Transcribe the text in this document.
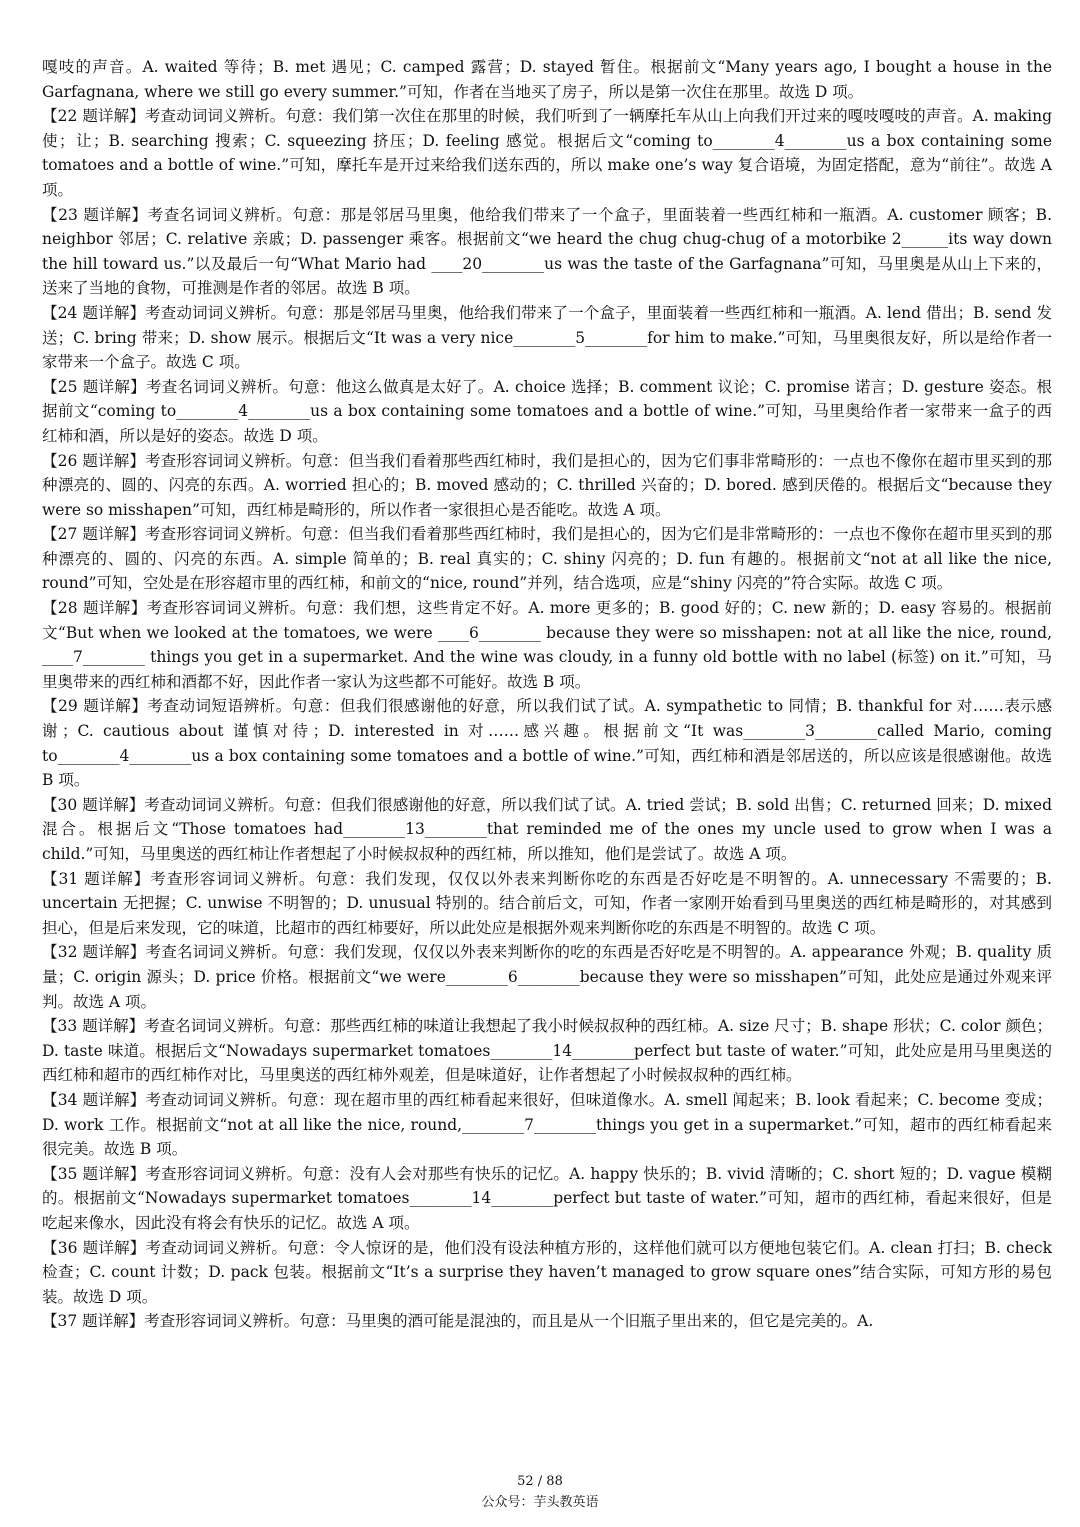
嘎吱的声音。A. waited 等待；B. met 遇见；C. camped 露营；D. stayed 暂住。根据前文“Many years ago, I bought a house in the Garfagnana, where we still go every summer.”可知，作者在当地买了房子，所以是第一次住在那里。故选 D 项。

【22 题详解】考查动词词义辨析。句意：我们第一次住在那里的时候，我们听到了一辆摩托车从山上向我们开过来的嘎吱嘎吱的声音。A. making 使；让；B. searching 搜索；C. squeezing 挤压；D. feeling 感觉。根据后文“coming to________4________us a box containing some tomatoes and a bottle of wine.”可知，摩托车是开过来给我们送东西的，所以 make one’s way 复合语境，为固定搭配，意为“前往”。故选 A 项。

【23 题详解】考查名词词义辨析。句意：那是邻居马里奥，他给我们带来了一个盒子，里面装着一些西红柿和一瓶酒。A. customer 顾客；B. neighbor 邻居；C. relative 亲戚；D. passenger 乘客。根据前文“we heard the chug chug-chug of a motorbike 2______its way down the hill toward us.”以及最后一句“What Mario had ____20________us was the taste of the Garfagnana”可知，马里奥是从山上下来的，送来了当地的食物，可推测是作者的邻居。故选 B 项。

【24 题详解】考查动词词义辨析。句意：那是邻居马里奥，他给我们带来了一个盒子，里面装着一些西红柿和一瓶酒。A. lend 借出；B. send 发送；C. bring 带来；D. show 展示。根据后文“It was a very nice________5________for him to make.”可知，马里奥很友好，所以是给作者一家带来一个盒子。故选 C 项。

【25 题详解】考查名词词义辨析。句意：他这么做真是太好了。A. choice 选择；B. comment 议论；C. promise 诺言；D. gesture 姿态。根据前文“coming to________4________us a box containing some tomatoes and a bottle of wine.”可知，马里奥给作者一家带来一盒子的西红柿和酒，所以是好的姿态。故选 D 项。

【26 题详解】考查形容词词义辨析。句意：但当我们看着那些西红柿时，我们是担心的，因为它们事非常畸形的：一点也不像你在超市里买到的那种漂亮的、圆的、闪亮的东西。A. worried 担心的；B. moved 感动的；C. thrilled 兴奋的；D. bored. 感到厌倦的。根据后文“because they were so misshapen”可知，西红柿是畸形的，所以作者一家很担心是否能吃。故选 A 项。

【27 题详解】考查形容词词义辨析。句意：但当我们看着那些西红柿时，我们是担心的，因为它们是非常畸形的：一点也不像你在超市里买到的那种漂亮的、圆的、闪亮的东西。A. simple 简单的；B. real 真实的；C. shiny 闪亮的；D. fun 有趣的。根据前文“not at all like the nice, round”可知，空处是在形容超市里的西红柿，和前文的“nice, round”并列，结合选项，应是“shiny 闪亮的”符合实际。故选 C 项。

【28 题详解】考查形容词词义辨析。句意：我们想，这些肯定不好。A. more 更多的；B. good 好的；C. new 新的；D. easy 容易的。根据前文“But when we looked at the tomatoes, we were ____6________ because they were so misshapen: not at all like the nice, round, ____7________ things you get in a supermarket. And the wine was cloudy, in a funny old bottle with no label (标签) on it.”可知，马里奥带来的西红柿和酒都不好，因此作者一家认为这些都不可能好。故选 B 项。

【29 题详解】考查动词短语辨析。句意：但我们很感谢他的好意，所以我们试了试。A. sympathetic to 同情；B. thankful for 对……表示感谢；C. cautious about 谨慎对待；D. interested in 对……感兴趣。根据前文“It was________3________called Mario, coming to________4________us a box containing some tomatoes and a bottle of wine.”可知，西红柿和酒是邻居送的，所以应该是很感谢他。故选 B 项。

【30 题详解】考查动词词义辨析。句意：但我们很感谢他的好意，所以我们试了试。A. tried 尝试；B. sold 出售；C. returned 回来；D. mixed 混合。根据后文“Those tomatoes had________13________that reminded me of the ones my uncle used to grow when I was a child.”可知，马里奥送的西红柿让作者想起了小时候叔叔种的西红柿，所以推知，他们是尝试了。故选 A 项。

【31 题详解】考查形容词词义辨析。句意：我们发现，仅仅以外表来判断你吃的东西是否好吃是不明智的。A. unnecessary 不需要的；B. uncertain 无把握；C. unwise 不明智的；D. unusual 特别的。结合前后文，可知，作者一家刚开始看到马里奥送的西红柿是畸形的，对其感到担心，但是后来发现，它的味道，比超市的西红柿要好，所以此处应是根据外观来判断你吃的东西是不明智的。故选 C 项。

【32 题详解】考查名词词义辨析。句意：我们发现，仅仅以外表来判断你的吃的东西是否好吃是不明智的。A. appearance 外观；B. quality 质量；C. origin 源头；D. price 价格。根据前文“we were________6________because they were so misshapen”可知，此处应是通过外观来评判。故选 A 项。

【33 题详解】考查名词词义辨析。句意：那些西红柿的味道让我想起了我小时候叔叔种的西红柿。A. size 尺寸；B. shape 形状；C. color 颜色；D. taste 味道。根据后文“Nowadays supermarket tomatoes________14________perfect but taste of water.”可知，此处应是用马里奥送的西红柿和超市的西红柿作对比，马里奥送的西红柿外观差，但是味道好，让作者想起了小时候叔叔种的西红柿。

【34 题详解】考查动词词义辨析。句意：现在超市里的西红柿看起来很好，但味道像水。A. smell 闻起来；B. look 看起来；C. become 变成；D. work 工作。根据前文“not at all like the nice, round,________7________things you get in a supermarket.”可知，超市的西红柿看起来很完美。故选 B 项。

【35 题详解】考查形容词词义辨析。句意：没有人会对那些有快乐的记忆。A. happy 快乐的；B. vivid 清晰的；C. short 短的；D. vague 模糊的。根据前文“Nowadays supermarket tomatoes________14________perfect but taste of water.”可知，超市的西红柿，看起来很好，但是吃起来像水，因此没有将会有快乐的记忆。故选 A 项。

【36 题详解】考查动词词义辨析。句意：令人惊讶的是，他们没有设法种植方形的，这样他们就可以方便地包装它们。A. clean 打扫；B. check 检查；C. count 计数；D. pack 包装。根据前文“It’s a surprise they haven’t managed to grow square ones”结合实际，可知方形的易包装。故选 D 项。

【37 题详解】考查形容词词义辨析。句意：马里奥的酒可能是混浊的，而且是从一个旧瓶子里出来的，但它是完美的。A.

52 / 88
公众号：芋头教英语
